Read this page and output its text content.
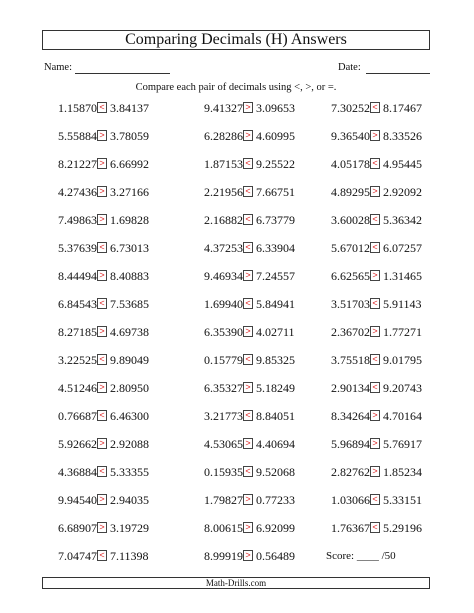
Comparing Decimals (H) Answers
Name:	Date:
Compare each pair of decimals using <, >, or =.
1.15870 < 3.84137	9.41327 > 3.09653	7.30252 < 8.17467
5.55884 > 3.78059	6.28286 > 4.60995	9.36540 > 8.33526
8.21227 > 6.66992	1.87153 < 9.25522	4.05178 < 4.95445
4.27436 > 3.27166	2.21956 < 7.66751	4.89295 > 2.92092
7.49863 > 1.69828	2.16882 < 6.73779	3.60028 < 5.36342
5.37639 < 6.73013	4.37253 < 6.33904	5.67012 < 6.07257
8.44494 > 8.40883	9.46934 > 7.24557	6.62565 > 1.31465
6.84543 < 7.53685	1.69940 < 5.84941	3.51703 < 5.91143
8.27185 > 4.69738	6.35390 > 4.02711	2.36702 > 1.77271
3.22525 < 9.89049	0.15779 < 9.85325	3.75518 < 9.01795
4.51246 > 2.80950	6.35327 > 5.18249	2.90134 < 9.20743
0.76687 < 6.46300	3.21773 < 8.84051	8.34264 > 4.70164
5.92662 > 2.92088	4.53065 > 4.40694	5.96894 > 5.76917
4.36884 < 5.33355	0.15935 < 9.52068	2.82762 > 1.85234
9.94540 > 2.94035	1.79827 > 0.77233	1.03066 < 5.33151
6.68907 > 3.19729	8.00615 > 6.92099	1.76367 < 5.29196
7.04747 < 7.11398	8.99919 > 0.56489	Score: ____ /50
Math-Drills.com
